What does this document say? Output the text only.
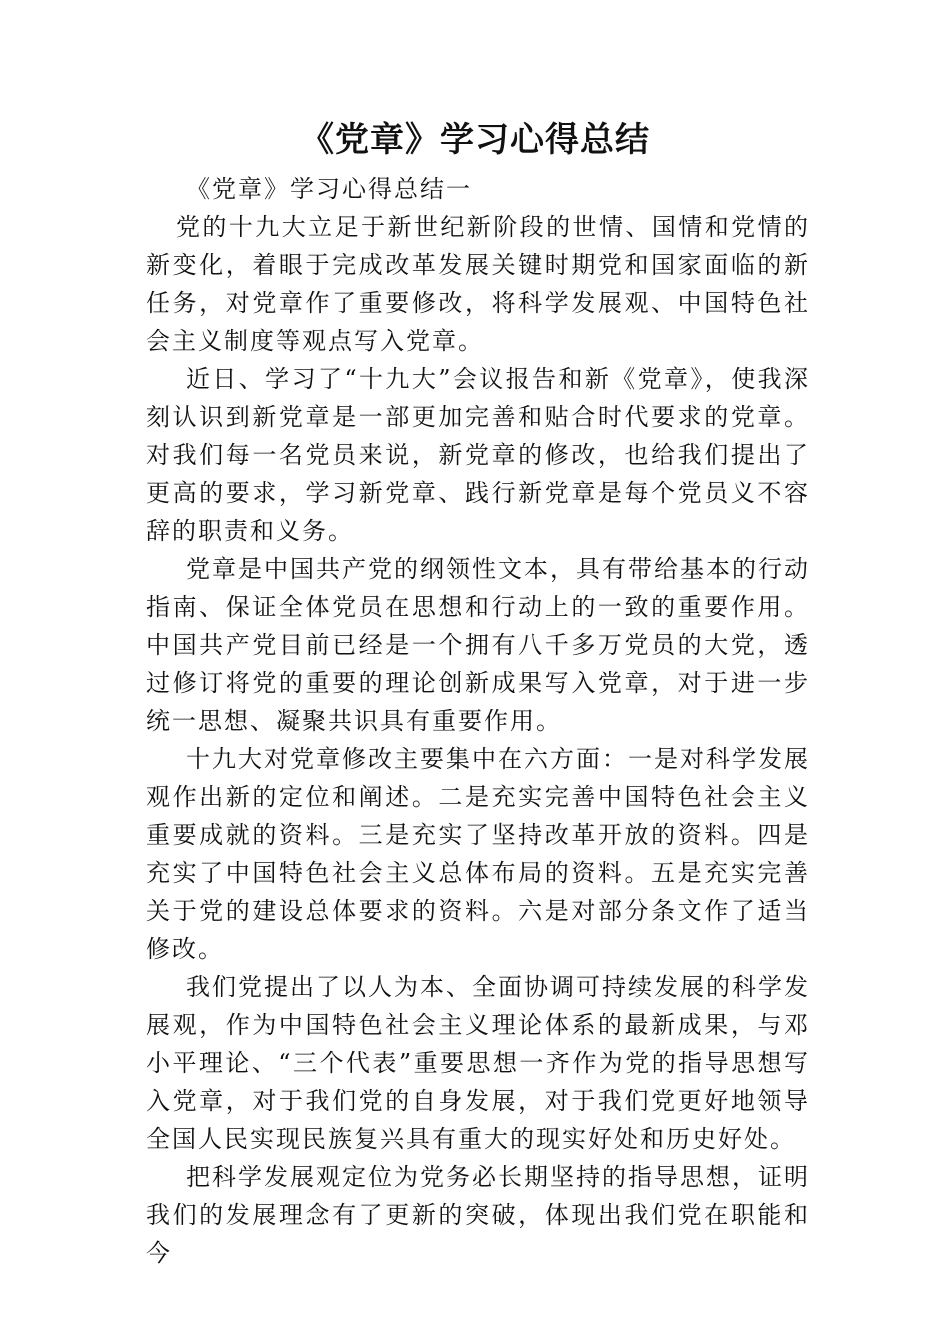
《党章》学习心得总结
《党章》学习心得总结一

党的十九大立足于新世纪新阶段的世情、国情和党情的新变化，着眼于完成改革发展关键时期党和国家面临的新任务，对党章作了重要修改，将科学发展观、中国特色社会主义制度等观点写入党章。

近日、学习了“十九大”会议报告和新《党章》，使我深刻认识到新党章是一部更加完善和贴合时代要求的党章。对我们每一名党员来说，新党章的修改，也给我们提出了更高的要求，学习新党章、践行新党章是每个党员义不容辞的职责和义务。

党章是中国共产党的纲领性文本，具有带给基本的行动指南、保证全体党员在思想和行动上的一致的重要作用。中国共产党目前已经是一个拥有八千多万党员的大党，透过修订将党的重要的理论创新成果写入党章，对于进一步统一思想、凝聚共识具有重要作用。

十九大对党章修改主要集中在六方面：一是对科学发展观作出新的定位和阐述。二是充实完善中国特色社会主义重要成就的资料。三是充实了坚持改革开放的资料。四是充实了中国特色社会主义总体布局的资料。五是充实完善关于党的建设总体要求的资料。六是对部分条文作了适当修改。

我们党提出了以人为本、全面协调可持续发展的科学发展观，作为中国特色社会主义理论体系的最新成果，与邓小平理论、“三个代表”重要思想一齐作为党的指导思想写入党章，对于我们党的自身发展，对于我们党更好地领导全国人民实现民族复兴具有重大的现实好处和历史好处。

把科学发展观定位为党务必长期坚持的指导思想，证明我们的发展理念有了更新的突破，体现出我们党在职能和今
